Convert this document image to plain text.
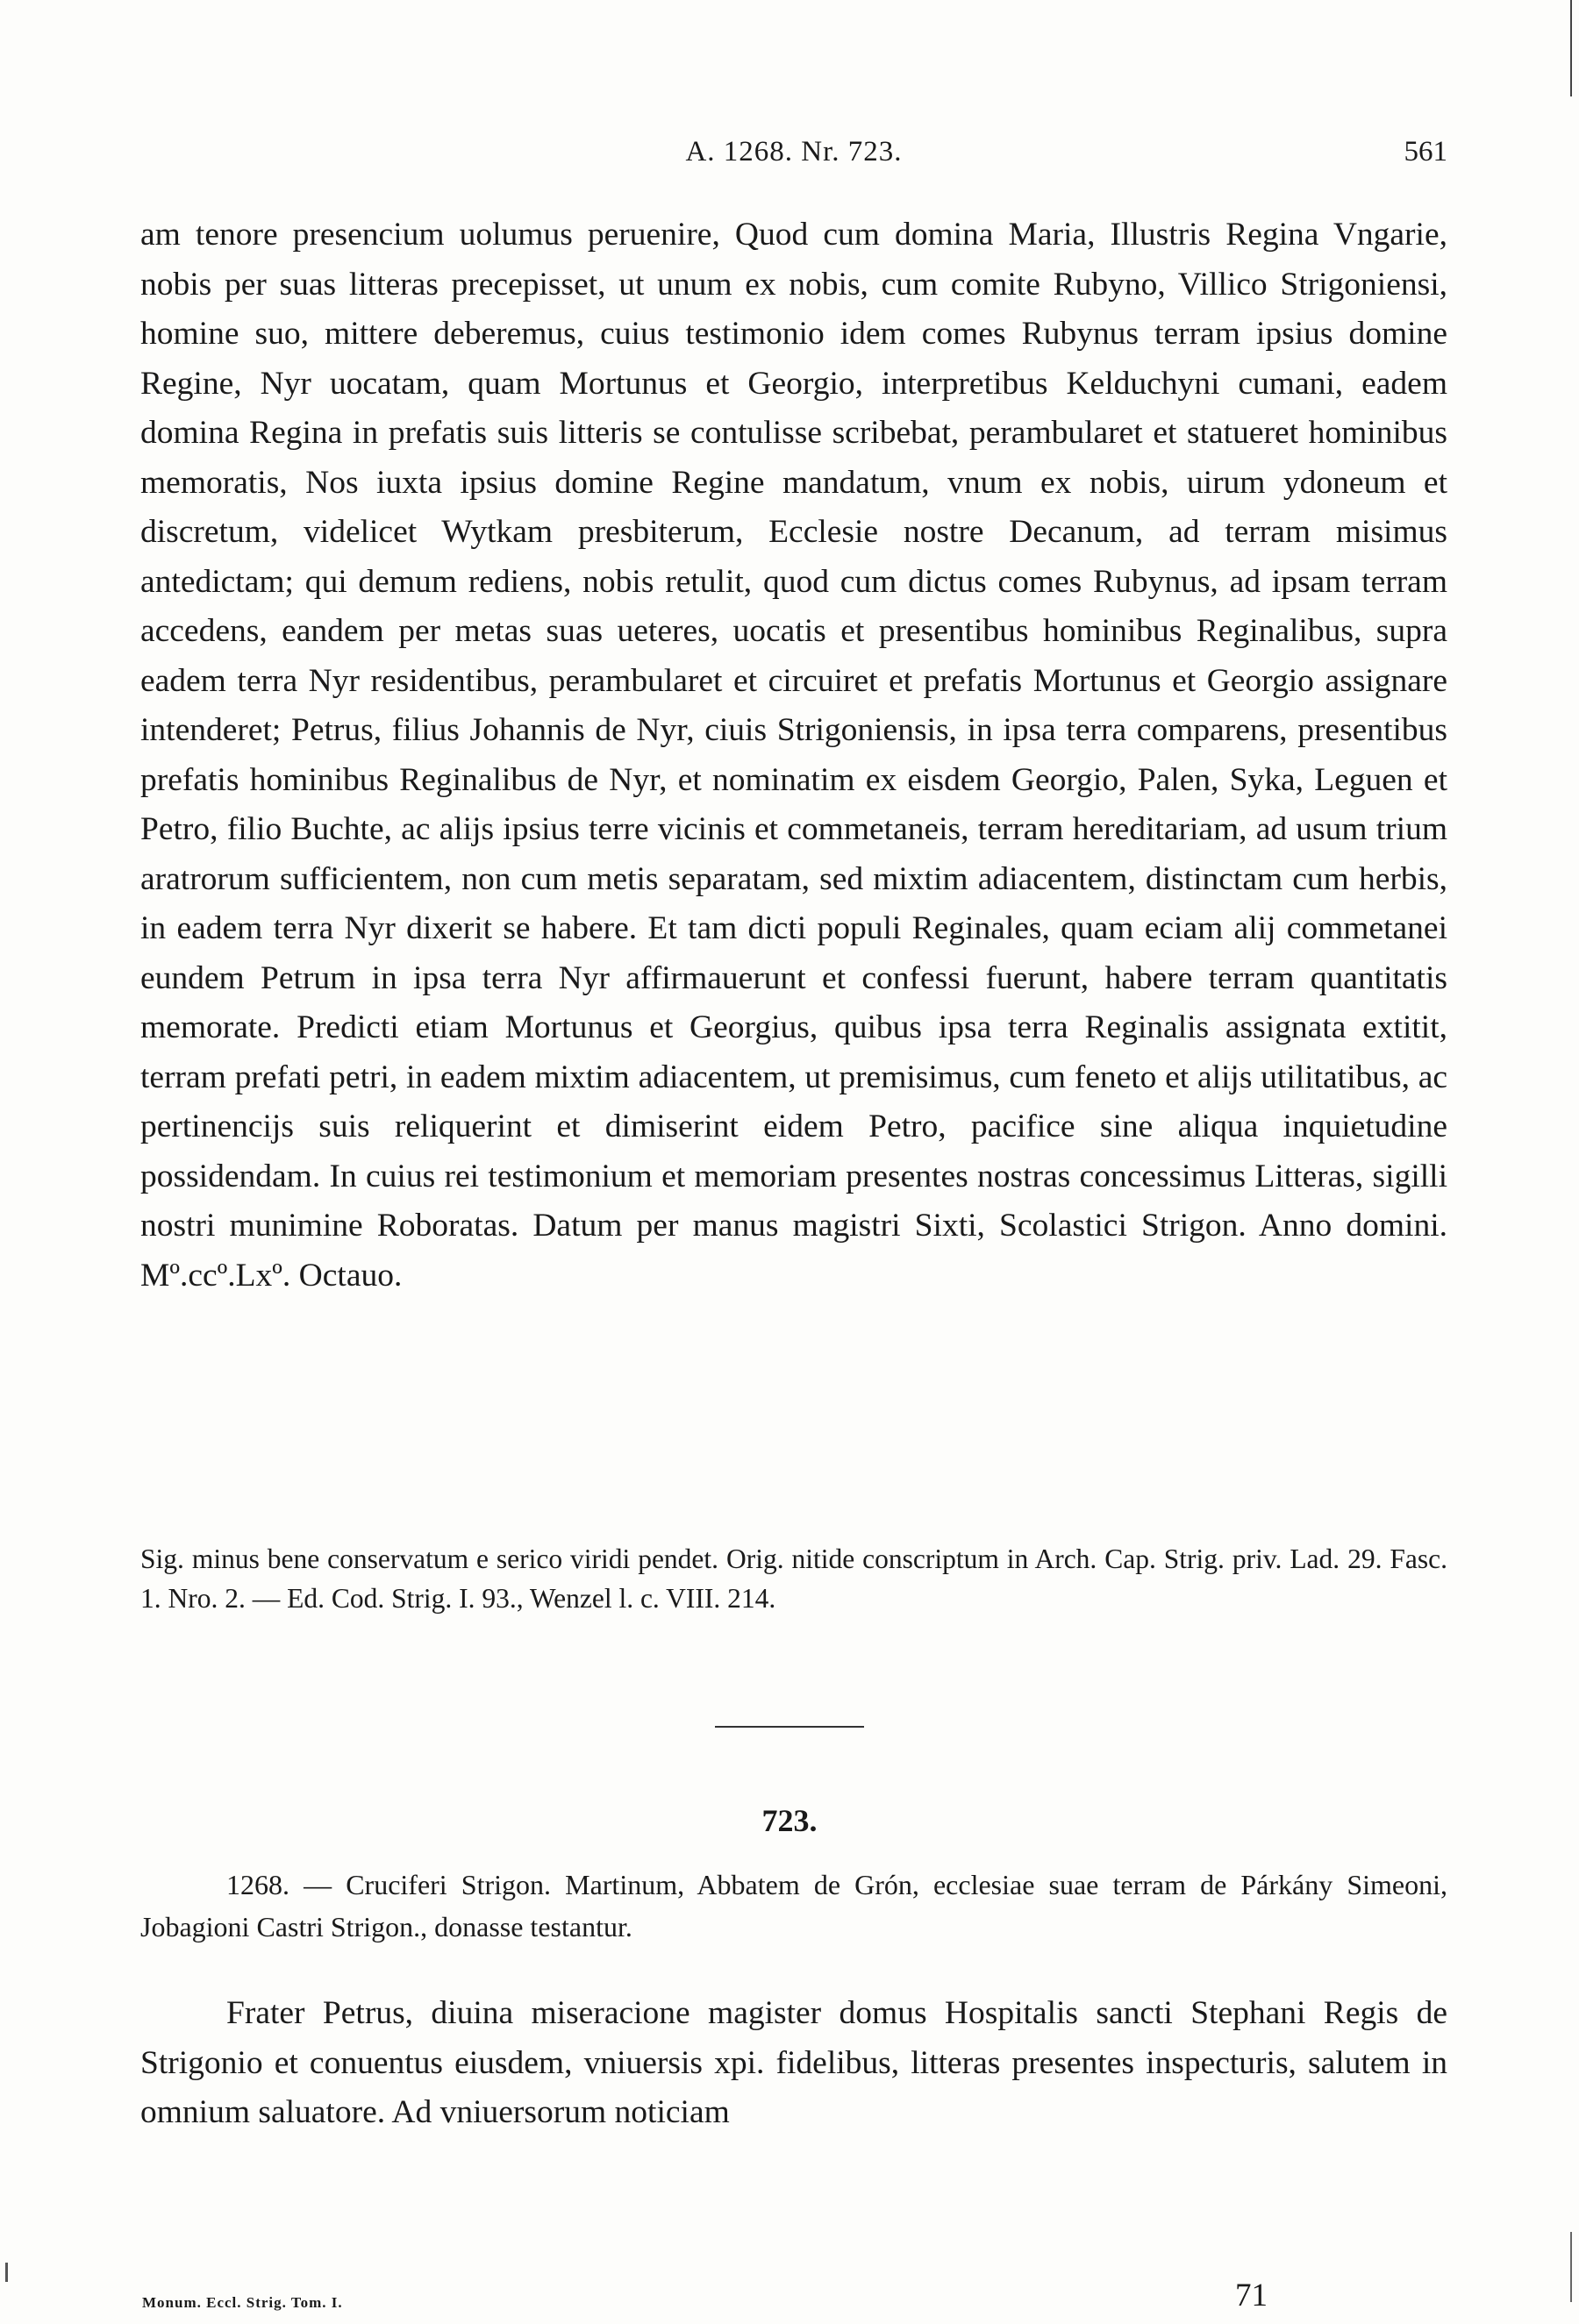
A. 1268. Nr. 723.	561

am tenore presencium uolumus peruenire, Quod cum domina Maria, Illustris Regina Vngarie, nobis per suas litteras precepisset, ut unum ex nobis, cum comite Rubyno, Villico Strigoniensi, homine suo, mittere deberemus, cuius testimonio idem comes Rubynus terram ipsius domine Regine, Nyr uocatam, quam Mortunus et Georgio, interpretibus Kelduchyni cumani, eadem domina Regina in prefatis suis litteris se contulisse scribebat, perambularet et statueret hominibus memoratis, Nos iuxta ipsius domine Regine mandatum, vnum ex nobis, uirum ydoneum et discretum, videlicet Wytkam presbiterum, Ecclesie nostre Decanum, ad terram misimus antedictam; qui demum rediens, nobis retulit, quod cum dictus comes Rubynus, ad ipsam terram accedens, eandem per metas suas ueteres, uocatis et presentibus hominibus Reginalibus, supra eadem terra Nyr residentibus, perambularet et circuiret et prefatis Mortunus et Georgio assignare intenderet; Petrus, filius Johannis de Nyr, ciuis Strigoniensis, in ipsa terra comparens, presentibus prefatis hominibus Reginalibus de Nyr, et nominatim ex eisdem Georgio, Palen, Syka, Leguen et Petro, filio Buchte, ac alijs ipsius terre vicinis et commetaneis, terram hereditariam, ad usum trium aratrorum sufficientem, non cum metis separatam, sed mixtim adiacentem, distinctam cum herbis, in eadem terra Nyr dixerit se habere. Et tam dicti populi Reginales, quam eciam alij commetanei eundem Petrum in ipsa terra Nyr affirmauerunt et confessi fuerunt, habere terram quantitatis memorate. Predicti etiam Mortunus et Georgius, quibus ipsa terra Reginalis assignata extitit, terram prefati petri, in eadem mixtim adiacentem, ut premisimus, cum feneto et alijs utilitatibus, ac pertinencijs suis reliquerint et dimiserint eidem Petro, pacifice sine aliqua inquietudine possidendam. In cuius rei testimonium et memoriam presentes nostras concessimus Litteras, sigilli nostri munimine Roboratas. Datum per manus magistri Sixti, Scolastici Strigon. Anno domini. Mº.ccº.Lxº. Octauo.

Sig. minus bene conservatum e serico viridi pendet. Orig. nitide conscriptum in Arch. Cap. Strig. priv. Lad. 29. Fasc. 1. Nro. 2. — Ed. Cod. Strig. I. 93., Wenzel l. c. VIII. 214.

723.

1268. — Cruciferi Strigon. Martinum, Abbatem de Grón, ecclesiae suae terram de Párkány Simeoni, Jobagioni Castri Strigon., donasse testantur.

Frater Petrus, diuina miseracione magister domus Hospitalis sancti Stephani Regis de Strigonio et conuentus eiusdem, vniuersis xpi. fidelibus, litteras presentes inspecturis, salutem in omnium saluatore. Ad vniuersorum noticiam

Monum. Eccl. Strig. Tom. I.	71
